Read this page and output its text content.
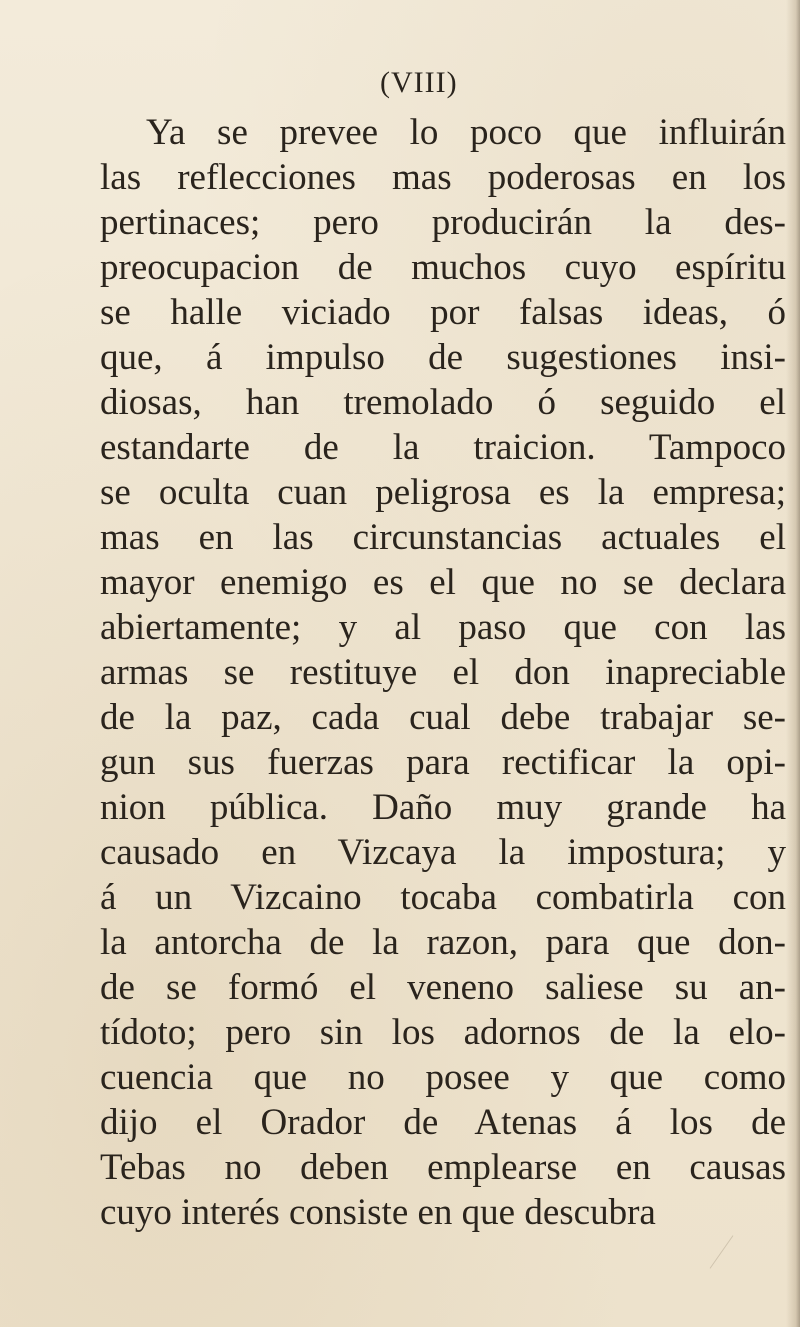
(VIII)
Ya se prevee lo poco que influirán
las reflecciones mas poderosas en los
pertinaces; pero producirán la des-
preocupacion de muchos cuyo espíritu
se halle viciado por falsas ideas, ó
que, á impulso de sugestiones insi-
diosas, han tremolado ó seguido el
estandarte de la traicion. Tampoco
se oculta cuan peligrosa es la empresa;
mas en las circunstancias actuales el
mayor enemigo es el que no se declara
abiertamente; y al paso que con las
armas se restituye el don inapreciable
de la paz, cada cual debe trabajar se-
gun sus fuerzas para rectificar la opi-
nion pública. Daño muy grande ha
causado en Vizcaya la impostura; y
á un Vizcaino tocaba combatirla con
la antorcha de la razon, para que don-
de se formó el veneno saliese su an-
tídoto; pero sin los adornos de la elo-
cuencia que no posee y que como
dijo el Orador de Atenas á los de
Tebas no deben emplearse en causas
cuyo interés consiste en que descubra
